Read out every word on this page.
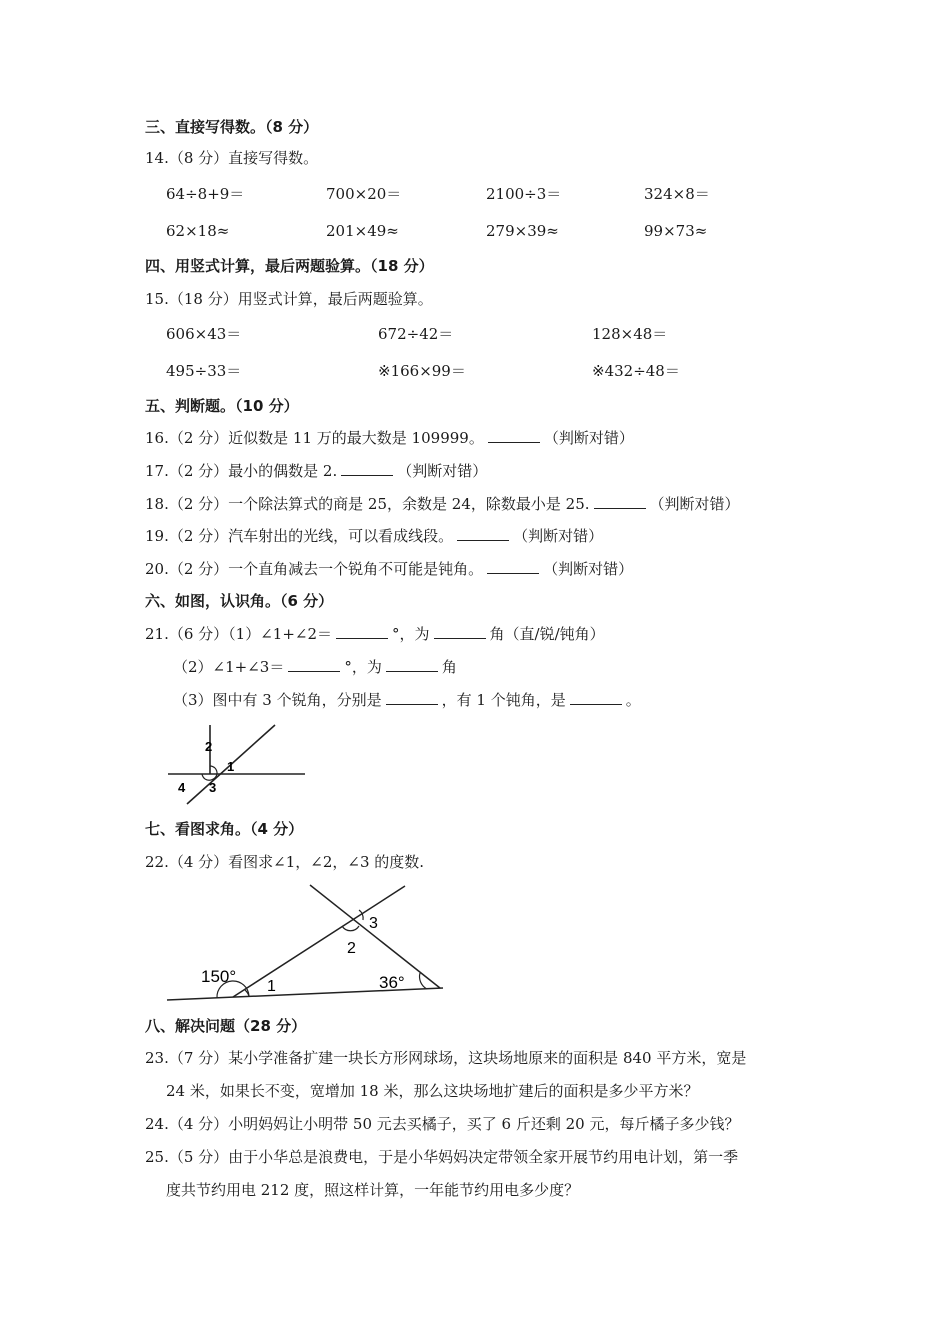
三、直接写得数。（8 分）
14.（8 分）直接写得数。
64÷8+9＝	700×20＝	2100÷3＝	324×8＝
62×18≈	201×49≈	279×39≈	99×73≈
四、用竖式计算，最后两题验算。（18 分）
15.（18 分）用竖式计算，最后两题验算。
606×43＝	672÷42＝	128×48＝
495÷33＝	※166×99＝	※432÷48＝
五、判断题。（10 分）
16.（2 分）近似数是 11 万的最大数是 109999。	（判断对错）
17.（2 分）最小的偶数是 2.	（判断对错）
18.（2 分）一个除法算式的商是 25，余数是 24，除数最小是 25.	（判断对错）
19.（2 分）汽车射出的光线，可以看成线段。	（判断对错）
20.（2 分）一个直角减去一个锐角不可能是钝角。	（判断对错）
六、如图，认识角。（6 分）
21.（6 分）（1）∠1+∠2＝	°，为	角（直/锐/钝角）
（2）∠1+∠3＝	°，为	角
（3）图中有 3 个锐角，分别是	，有 1 个钝角，是	。
2
1
4 3
七、看图求角。（4 分）
22.（4 分）看图求∠1，∠2，∠3 的度数.
150°
1
2
3
36°
八、解决问题（28 分）
23.（7 分）某小学准备扩建一块长方形网球场，这块场地原来的面积是 840 平方米，宽是
24 米，如果长不变，宽增加 18 米，那么这块场地扩建后的面积是多少平方米？
24.（4 分）小明妈妈让小明带 50 元去买橘子，买了 6 斤还剩 20 元，每斤橘子多少钱？
25.（5 分）由于小华总是浪费电，于是小华妈妈决定带领全家开展节约用电计划，第一季
度共节约用电 212 度，照这样计算，一年能节约用电多少度？
